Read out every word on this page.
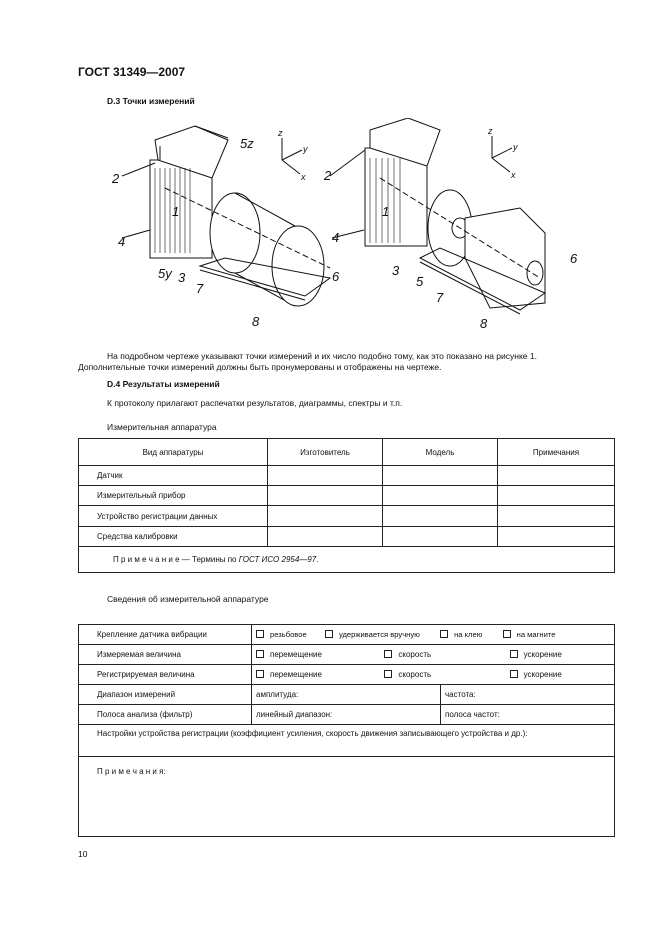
ГОСТ 31349—2007
D.3 Точки измерений
2
4
1
5z
5y 3
7
8
6
2
4
1
3
5
7
8
6
z
y
x
z
y
x
На подробном чертеже указывают точки измерений и их число подобно тому, как это показано на рисунке 1.
Дополнительные точки измерений должны быть пронумерованы и отображены на чертеже.
D.4 Результаты измерений
К протоколу прилагают распечатки результатов, диаграммы, спектры и т.п.
Измерительная аппаратура
Вид аппаратуры	Изготовитель	Модель	Примечания
Датчик			
Измерительный прибор			
Устройство регистрации данных			
Средства калибровки			
П р и м е ч а н и е — Термины по ГОСТ ИСО 2954—97.			
Сведения об измерительной аппаратуре
Крепление датчика вибрации	резьбовое удерживается вручную на клею на магните	
Измеряемая величина	перемещение скорость ускорение	
Регистрируемая величина	перемещение скорость ускорение	
Диапазон измерений	амплитуда:	частота:
Полоса анализа (фильтр)	линейный диапазон:	полоса частот:
Настройки устройства регистрации (коэффициент усиления, скорость движения записывающего устройства и др.):		
П р и м е ч а н и я:		
10
